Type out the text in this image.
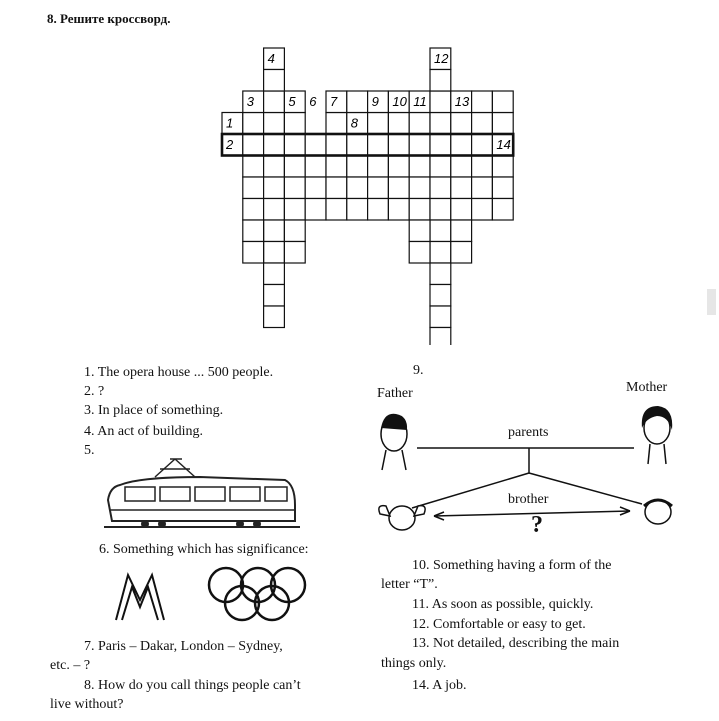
8. Решите кроссворд.
1
2
3
4
5 6 7
8
9 10 11
12
13
14
1. The opera house ... 500 people.
2. ?
3. In place of something.
4. An act of building.
5.
6. Something which has significance:
7. Paris – Dakar, London – Sydney,
etc. – ?
8. How do you call things people can’t
live without?
9.
Father	Mother
parents
brother
?
10. Something having a form of the
letter “T”.
11. As soon as possible, quickly.
12. Comfortable or easy to get.
13. Not detailed, describing the main
things only.
14. A job.
